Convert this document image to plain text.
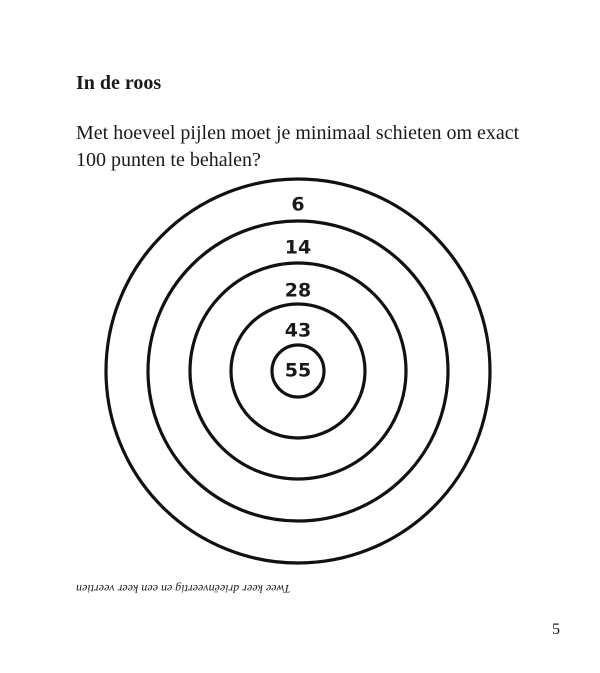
In de roos

Met hoeveel pijlen moet je minimaal schieten om exact 100 punten te behalen?

6
14
28
43
55

Twee keer drieënveertig en een keer veertien

5
